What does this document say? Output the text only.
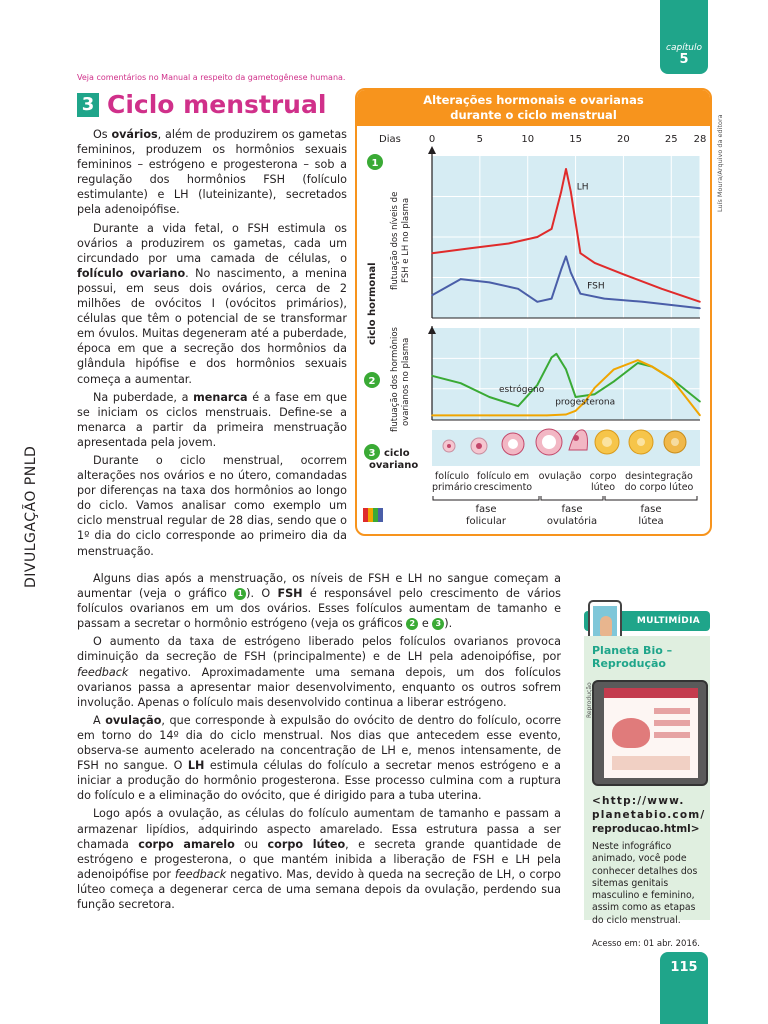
capítulo
5
Veja comentários no Manual a respeito da gametogênese humana.
DIVULGAÇÃO PNLD
3 Ciclo menstrual

Os ovários, além de produzirem os gametas femininos, produzem os hormônios sexuais femininos – estrógeno e progesterona – sob a regulação dos hormônios FSH (folículo estimulante) e LH (luteinizante), secretados pela adenoipófise.

Durante a vida fetal, o FSH estimula os ovários a produzirem os gametas, cada um circundado por uma camada de células, o folículo ovariano. No nascimento, a menina possui, em seus dois ovários, cerca de 2 milhões de ovócitos I (ovócitos primários), células que têm o potencial de se transformar em óvulos. Muitas degeneram até a puberdade, época em que a secreção dos hormônios da glândula hipófise e dos hormônios sexuais começa a aumentar.

Na puberdade, a menarca é a fase em que se iniciam os ciclos menstruais. Define-se a menarca a partir da primeira menstruação apresentada pela jovem.

Durante o ciclo menstrual, ocorrem alterações nos ovários e no útero, comandadas por diferenças na taxa dos hormônios ao longo do ciclo. Vamos analisar como exemplo um ciclo menstrual regular de 28 dias, sendo que o 1º dia do ciclo corresponde ao primeiro dia da menstruação.

Alguns dias após a menstruação, os níveis de FSH e LH no sangue começam a aumentar (veja o gráfico 1 ). O FSH é responsável pelo crescimento de vários folículos ovarianos em um dos ovários. Esses folículos aumentam de tamanho e passam a secretar o hormônio estrógeno (veja os gráficos 2 e 3 ).

O aumento da taxa de estrógeno liberado pelos folículos ovarianos provoca diminuição da secreção de FSH (principalmente) e de LH pela adenoipófise, por feedback negativo. Aproximadamente uma semana depois, um dos folículos ovarianos passa a apresentar maior desenvolvimento, enquanto os outros sofrem involução. Apenas o folículo mais desenvolvido continua a liberar estrógeno.

A ovulação, que corresponde à expulsão do ovócito de dentro do folículo, ocorre em torno do 14º dia do ciclo menstrual. Nos dias que antecedem esse evento, observa-se aumento acelerado na concentração de LH e, menos intensamente, de FSH no sangue. O LH estimula células do folículo a secretar menos estrógeno e a iniciar a produção do hormônio progesterona. Esse processo culmina com a ruptura do folículo e a eliminação do ovócito, que é dirigido para a tuba uterina.

Logo após a ovulação, as células do folículo aumentam de tamanho e passam a armazenar lipídios, adquirindo aspecto amarelado. Essa estrutura passa a ser chamada corpo amarelo ou corpo lúteo, e secreta grande quantidade de estrógeno e progesterona, o que mantém inibida a liberação de FSH e LH pela adenoipófise por feedback negativo. Mas, devido à queda na secreção de LH, o corpo lúteo começa a degenerar cerca de uma semana depois da ovulação, perdendo sua função secretora.

Alterações hormonais e ovarianas
durante o ciclo menstrual
Dias	0	5	10	15	20	25 28
LH
FSH
estrógeno
progesterona
1
2
3
ciclo hormonal
flutuação dos níveis de FSH e LH no plasma
flutuação dos hormônios ovarianos no plasma
ciclo
ovariano
folículo
primário
folículo em
crescimento
ovulação corpo
lúteo
desintegração
do corpo lúteo
fase
folicular
fase
ovulatória
fase
lútea
Luís Moura/Arquivo da editora
MULTIMÍDIA
Planeta Bio – Reprodução
<http://www.
planetabio.com/
reproducao.html>
Neste infográfico animado, você pode conhecer detalhes dos sitemas genitais masculino e feminino, assim como as etapas do ciclo menstrual.
Acesso em: 01 abr. 2016.
Reprodução
115
